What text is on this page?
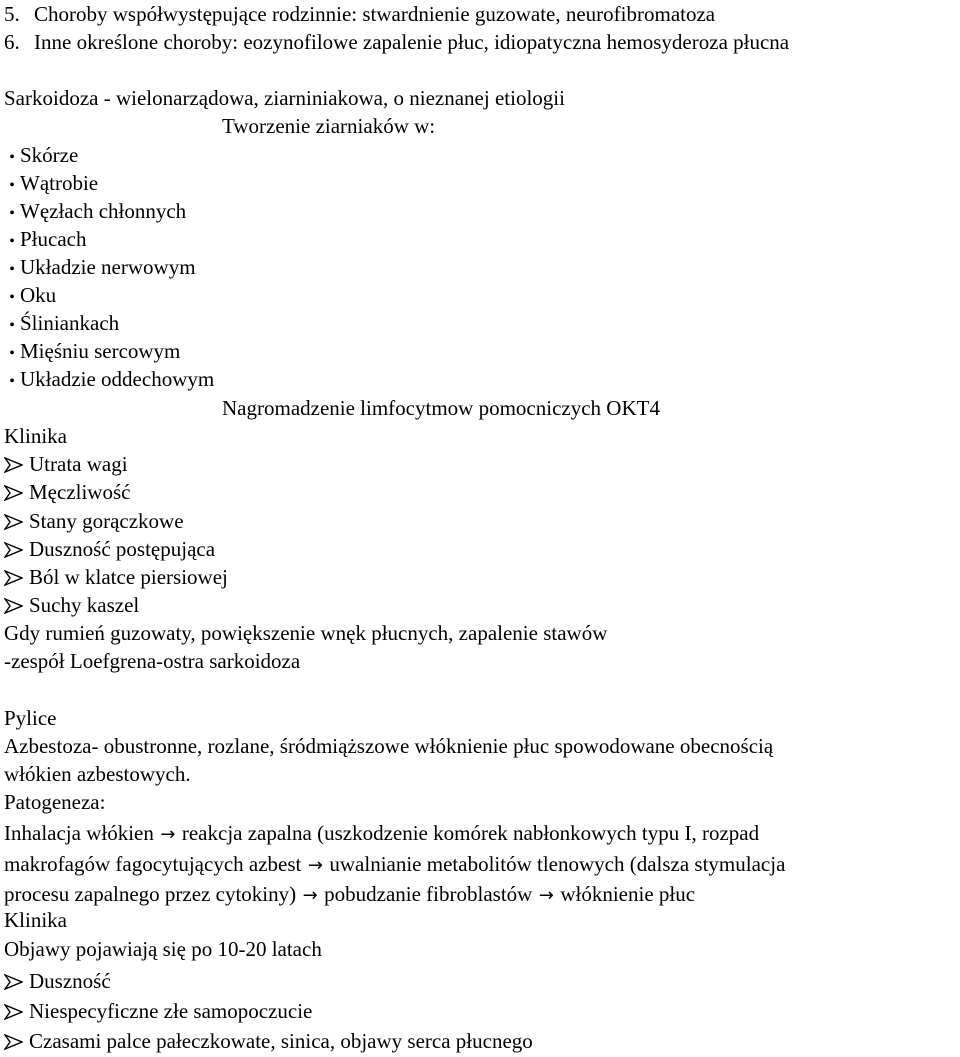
5. Choroby współwystępujące rodzinnie: stwardnienie guzowate, neurofibromatoza
6. Inne określone choroby: eozynofilowe zapalenie płuc, idiopatyczna hemosyderoza płucna
Sarkoidoza - wielonarządowa, ziarniniakowa, o nieznanej etiologii
Tworzenie ziarniaków w:
• Skórze
• Wątrobie
• Węzłach chłonnych
• Płucach
• Układzie nerwowym
• Oku
• Śliniankach
• Mięśniu sercowym
• Układzie oddechowym
Nagromadzenie limfocytmow pomocniczych OKT4
Klinika
Utrata wagi
Męczliwość
Stany gorączkowe
Duszność postępująca
Ból w klatce piersiowej
Suchy kaszel
Gdy rumień guzowaty, powiększenie wnęk płucnych, zapalenie stawów
-zespół Loefgrena-ostra sarkoidoza
Pylice
Azbestoza- obustronne, rozlane, śródmiąższowe włóknienie płuc spowodowane obecnością
włókien azbestowych.
Patogeneza:
Inhalacja włókien → reakcja zapalna (uszkodzenie komórek nabłonkowych typu I, rozpad
makrofagów fagocytujących azbest → uwalnianie metabolitów tlenowych (dalsza stymulacja
procesu zapalnego przez cytokiny) → pobudzanie fibroblastów → włóknienie płuc
Klinika
Objawy pojawiają się po 10-20 latach
Duszność
Niespecyficzne złe samopoczucie
Czasami palce pałeczkowate, sinica, objawy serca płucnego
